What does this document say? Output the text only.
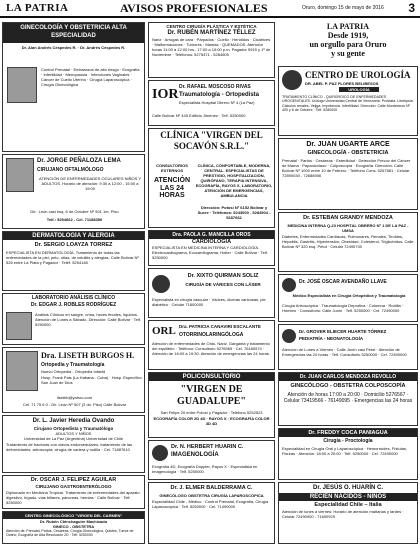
LA PATRIA	AVISOS PROFESIONALES	Oruro, domingo 15 de mayo de 2016 3
GINECOLOGÍA Y OBSTETRICIA ALTA ESPECIALIDAD
Dr. Alan Andrés Céspedes R. · Dr. Andrés Céspedes R.
Control Prenatal · Embarazos de alto riesgo · Ecografía · Infertilidad · Menopausia · Infecciones Vaginales · Cáncer de Cuello Uterino · Cirugía Laparoscópica · Cirugía Ginecológica
Dr. JORGE PEÑALOZA LEMA
CIRUJANO OFTALMÓLOGO
ATENCIÓN DE ENFERMEDADES OCULARES NIÑOS Y ADULTOS. Horario de atención: 9:30 a 12:00 - 15:00 a 19:00
Dir.: León casi esq. 6 de Octubre Nº 501 1er. Piso
Telf.: 5254662 - Cel. 71188356
DERMATOLOGÍA Y ALERGIA
Dr. SERGIO LOAYZA TORREZ
ESPECIALISTA EN DERMATOLOGÍA. Tratamiento de todas las enfermedades de la piel, pelo, uñas, de celulitis y alergias. Calle Bolívar Nº 526 entre La Plata y Pagador · Teléf. 5254148
LABORATORIO ANÁLISIS CLÍNICO
Dr. EDGAR J. ROBLES RODRÍGUEZ
Análisis Clínicos en sangre, orina, heces fecales, líquidos. Atención de Lunes a Sábado. Dirección: Calle Bolívar · Telf. 5250000
Dra. LISETH BURGOS H.
Ortopedia y Traumatología
Nuevo Ortopedia - Ortopedia Infantil
Hosp. Frank Pais (La Habana - Cuba) · Hosp. Específico San Juan de Dios
lisethb@yahoo.com
Cel. 71 75 6 0 - Dir. León Nº 507 (2 do. Piso) Calle Bolívar
Dr. L. Javier Heredia Ovando
Cirujano Ortopedista y Traumatólogo
ADULTOS Y NIÑOS
Universidad de La Paz (Argentina) Universidad de Chile
Tratamiento de fracturas con clavos endomedulares; tratamiento de las deformidades; artroscopia; cirugía de cadera y rodilla · Cel. 71887610
Dr. OSCAR J. FELIPEZ AGUILAR
CIRUJANO GASTROENTERÓLOGO
Diplomado en Medicina Tropical. Tratamiento de enfermedades del aparato digestivo, hígado, vías biliares, páncreas, hernias · Calle Bolívar · Telf. 5250000
CENTRO GINECOLÓGICO "VIRGEN DEL CARMEN"
Dr. Rubén Chinchaguire Machicado
GINECO - OBSTETRA
Atención de: Prenatal, Partos, Cesáreas, Cirugía Ginecológica, Quistes, Tumor de Ovario, Ecografía de Alta Resolución 2D · Telf. 5250000
CENTRO CIRUGÍA PLÁSTICA Y ESTÉTICA
Dr. RUBÉN MARTÍNEZ TÉLLEZ
Nariz · Arrugas de cara · Párpados · Cuello · Hendidos · Cicatrices · Malformaciones · Tumores · Mamas · QUEMADOS. Atención horas 11:00 a 12:00 hrs., 17:00 a 19:00 p.m. Pagador 5915 y 1º de Noviembre · Teléfonos: 5275471 - 5284605
IOR Dr. RAFAEL MOSCOSO RIVAS
Traumatología - Ortopedista
Especialista Hospital Obrero Nº 4 (La Paz)
Calle Bolívar Nº 445 Edificio Jiménez · Telf. 5250000
CLÍNICA "VIRGEN DEL SOCAVÓN S.R.L."
CONSULTORIOS EXTERNOS
ATENCIÓN LAS 24 HORAS
CLÍNICA, CONFORTABLE, MODERNA, CENTRAL. ESPECIALISTAS DE PRESTIGIO, HOSPITALIZACIÓN, QUIRÓFANO, TERAPIA INTENSIVA, ECOGRAFÍA, RAYOS X, LABORATORIO, ATENCIÓN DE EMERGENCIAS, AMBULANCIA
Dirección: Potosí Nº 6152 Bolívar y Sucre · Teléfonos: 5243000 - 5284904 - 5287662
Dra. PAOLA G. MANCILLA OROS
CARDIOLOGÍA
ESPECIALISTA EN MEDICINA INTERNA Y CARDIOLOGÍA. Electrocardiograma, Ecocardiograma, Holter · Calle Bolívar · Telf. 5250000
Dr. XIXTO QUIRMAN SOLIZ
CIRUGÍA DE VÁRICES CON LÁSER
Especialista en cirugía vascular · Várices, úlceras varicosas, pie diabético · Celular 71800000
ORL Dra. PATRICIA CANAVIRI ESCALANTE
OTORRINOLARINGÓLOGA
Atención de enfermedades de Oído, Nariz, Garganta y tratamiento del equilibrio · Teléfono: Consultorio 5276565 · Cel. 76180574 · Atención de 16:00 a 19:30. Atención de emergencias las 24 horas.
POLICONSULTORIO
"VIRGEN DE GUADALUPE"
San Felipe 20 entre Potosí y Pagador · Teléfono 5252523
ECOGRAFÍA COLOR 2D 4D · RAYOS X · ECOGRAFÍA COLOR 3D 4D
Dr. N. HERBERT HUARIN C.
IMAGENOLOGÍA
Ecografía 4D, Ecografía Doppler, Rayos X · Especialista en Imagenología · Telf. 5250000
Dr. J. ELMER BALDERRAMA C.
GINECÓLOGO OBSTETRA CIRUGÍA LAPAROSCÓPICA
Especialidad Chile - Médico · Control Prenatal, Ecografía, Cirugía Laparoscópica · Telf. 5250000 · Cel. 71490000
LA PATRIA
Desde 1919,
un orgullo para Oruro
y su gente
CENTRO DE UROLOGÍA
DR. ABEL P. PAZ FLORES BELIBESOS
UROLOGÍA
TRATAMIENTO CLÍNICO - QUIRÚRGICO DE ENFERMEDADES UROGENITALES. Urólogo Universidad Central de Venezuela. Próstata. Litotripsia. Cálculos renales. Vejiga. Impotencia. Infertilidad. Dirección: Calle Montecinos Nº 400 y 6 de Octubre · Telf. 5280000
Dr. JUAN UGARTE ARCE
GINECOLOGÍA - OBSTETRICIA
Prenatal · Partos · Cesáreas · Esterilidad · Detección Precoz del Cáncer de Mama · Papanicolaou · Colposcopía · Ecografía. Dirección: Calle Bolívar Nº 1000 entre 10 de Febrero · Teléfono Cons. 5267681 · Celular 72690030 - 72688906
Dr. ESTEBAN GRANDY MENDOZA
MEDICINA INTERNA Q-23 HOSPITAL OBRERO Nº 1 DE LA PAZ - UMSA
Diabetes, Enfermedades Cardíacas, Pulmonares, Renales, Tiroides, Hepatitis, Gastritis, Hipertensión, Obesidad, Colesterol, Triglicéridos. Calle Bolívar Nº 320 esq. Petot · Celular 72490730
Dr. JOSÉ OSCAR AVENDAÑO LLAVE
Médico Especialista en Cirugía Ortopédica y Traumatología
Cirugía Artroscópica · Traumatología Deportiva · Columna · Rodilla · Hombro · Consultorio: Calle Junín · Telf. 5250000 · Cel. 72490000
Dr. GROVER ELIECER HUARTE TÓRREZ
PEDIATRÍA - NEONATOLOGÍA
Atención de Lunes a Viernes · Calle Junín casi Petot · Atención de Emergencias las 24 horas · Telf. Consultorio 5250000 · Cel. 72490000
Dr. JUAN CARLOS MENDOZA REVOLLO
GINECÓLOGO - OBSTETRA COLPOSCOPÍA
Atención de horas 17:00 a 20:00 · Domicilio 5276567 · Celular 73419566 - 76149095 · Emergencias las 24 horas
Dr. FREDDY COCA PANIAGUA
Cirugía - Proctología
Especialidad en Cirugía Oral y Laparoscópica · Hemorroides, Fístulas, Fisuras · Atención: 18:00 a 20:00 · Telf. 5250000 · Cel. 72490000
Dr. JESÚS O. HUARÍN C.
RECIÉN NACIDOS - NIÑOS
Especialidad Chile – Italia
Atención de lunes a viernes: Horario de atención mañanas y tardes · Celular 72490000 - 71690929
